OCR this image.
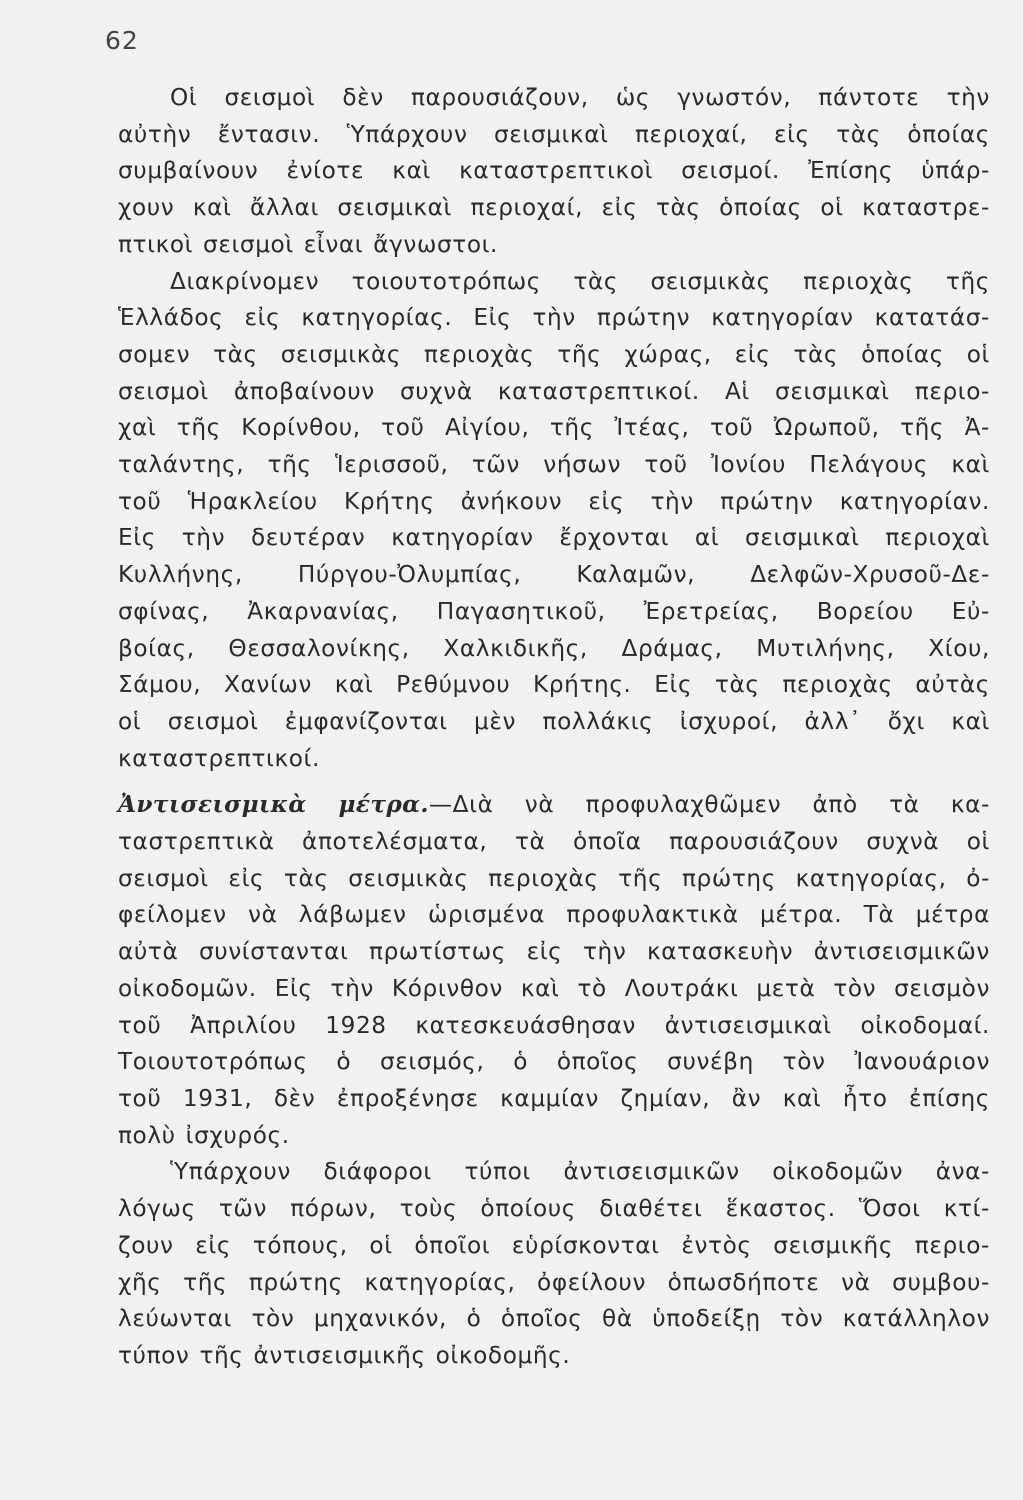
62

Οἱ σεισμοὶ δὲν παρουσιάζουν, ὡς γνωστόν, πάντοτε τὴν
αὐτὴν ἔντασιν. Ὑπάρχουν σεισμικαὶ περιοχαί, εἰς τὰς ὁποίας
συμβαίνουν ἐνίοτε καὶ καταστρεπτικοὶ σεισμοί. Ἐπίσης ὑπάρ-
χουν καὶ ἄλλαι σεισμικαὶ περιοχαί, εἰς τὰς ὁποίας οἱ καταστρε-
πτικοὶ σεισμοὶ εἶναι ἄγνωστοι.

Διακρίνομεν τοιουτοτρόπως τὰς σεισμικὰς περιοχὰς τῆς
Ἑλλάδος εἰς κατηγορίας. Εἰς τὴν πρώτην κατηγορίαν κατατάσ-
σομεν τὰς σεισμικὰς περιοχὰς τῆς χώρας, εἰς τὰς ὁποίας οἱ
σεισμοὶ ἀποβαίνουν συχνὰ καταστρεπτικοί. Αἱ σεισμικαὶ περιο-
χαὶ τῆς Κορίνθου, τοῦ Αἰγίου, τῆς Ἰτέας, τοῦ Ὠρωποῦ, τῆς Ἀ-
ταλάντης, τῆς Ἱερισσοῦ, τῶν νήσων τοῦ Ἰονίου Πελάγους καὶ
τοῦ Ἡρακλείου Κρήτης ἀνήκουν εἰς τὴν πρώτην κατηγορίαν.
Εἰς τὴν δευτέραν κατηγορίαν ἔρχονται αἱ σεισμικαὶ περιοχαὶ
Κυλλήνης, Πύργου-Ὀλυμπίας, Καλαμῶν, Δελφῶν-Χρυσοῦ-Δε-
σφίνας, Ἀκαρνανίας, Παγασητικοῦ, Ἐρετρείας, Βορείου Εὐ-
βοίας, Θεσσαλονίκης, Χαλκιδικῆς, Δράμας, Μυτιλήνης, Χίου,
Σάμου, Χανίων καὶ Ρεθύμνου Κρήτης. Εἰς τὰς περιοχὰς αὐτὰς
οἱ σεισμοὶ ἐμφανίζονται μὲν πολλάκις ἰσχυροί, ἀλλ᾿ ὄχι καὶ
καταστρεπτικοί.

Ἀντισεισμικὰ μέτρα.—Διὰ νὰ προφυλαχθῶμεν ἀπὸ τὰ κα-
ταστρεπτικὰ ἀποτελέσματα, τὰ ὁποῖα παρουσιάζουν συχνὰ οἱ
σεισμοὶ εἰς τὰς σεισμικὰς περιοχὰς τῆς πρώτης κατηγορίας, ὀ-
φείλομεν νὰ λάβωμεν ὡρισμένα προφυλακτικὰ μέτρα. Τὰ μέτρα
αὐτὰ συνίστανται πρωτίστως εἰς τὴν κατασκευὴν ἀντισεισμικῶν
οἰκοδομῶν. Εἰς τὴν Κόρινθον καὶ τὸ Λουτράκι μετὰ τὸν σεισμὸν
τοῦ Ἀπριλίου 1928 κατεσκευάσθησαν ἀντισεισμικαὶ οἰκοδομαί.
Τοιουτοτρόπως ὁ σεισμός, ὁ ὁποῖος συνέβη τὸν Ἰανουάριον
τοῦ 1931, δὲν ἐπροξένησε καμμίαν ζημίαν, ἂν καὶ ἦτο ἐπίσης
πολὺ ἰσχυρός.

Ὑπάρχουν διάφοροι τύποι ἀντισεισμικῶν οἰκοδομῶν ἀνα-
λόγως τῶν πόρων, τοὺς ὁποίους διαθέτει ἕκαστος. Ὅσοι κτί-
ζουν εἰς τόπους, οἱ ὁποῖοι εὑρίσκονται ἐντὸς σεισμικῆς περιο-
χῆς τῆς πρώτης κατηγορίας, ὀφείλουν ὁπωσδήποτε νὰ συμβου-
λεύωνται τὸν μηχανικόν, ὁ ὁποῖος θὰ ὑποδείξῃ τὸν κατάλληλον
τύπον τῆς ἀντισεισμικῆς οἰκοδομῆς.
